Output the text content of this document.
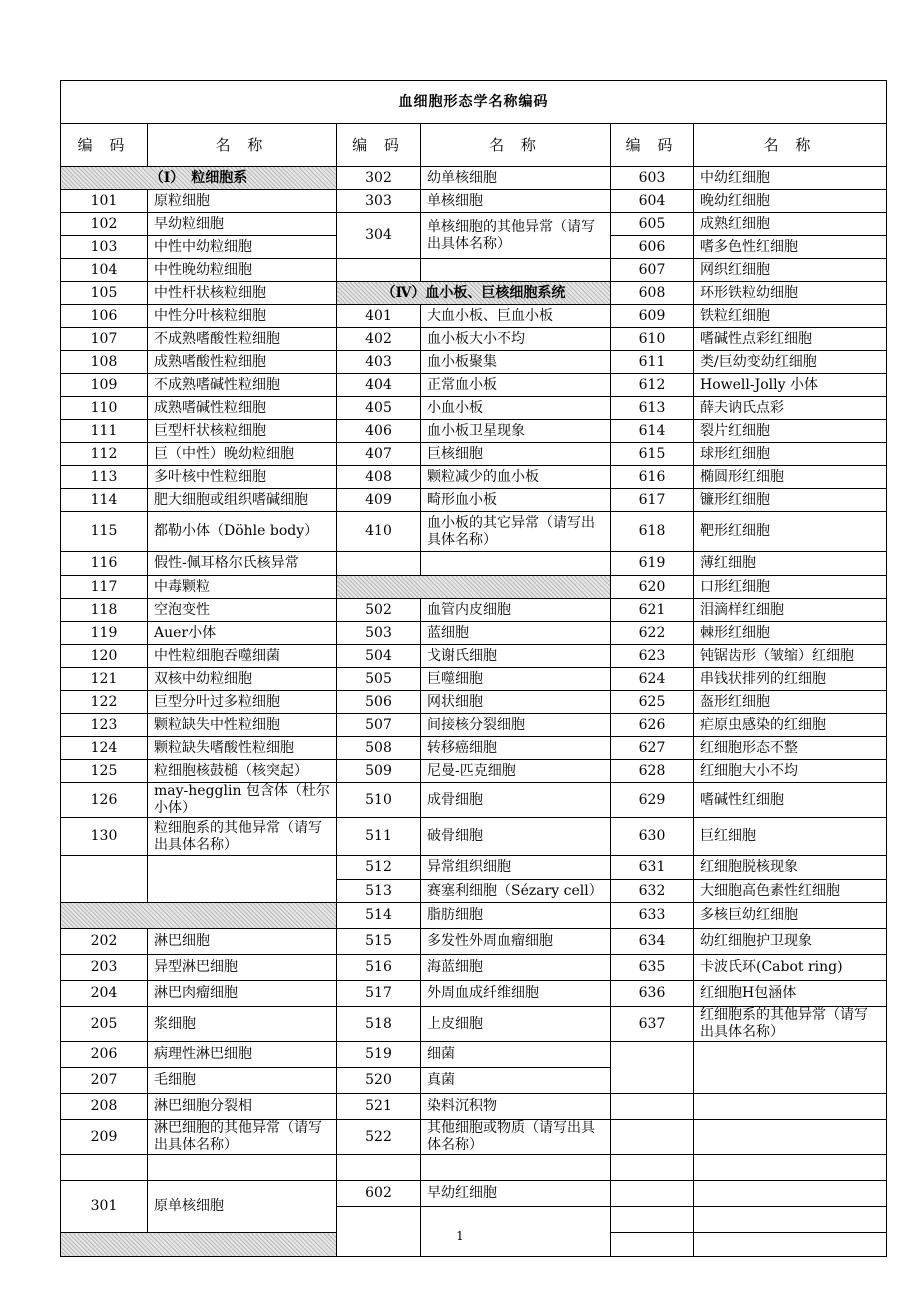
血细胞形态学名称编码					
编 码	名 称	编 码	名 称	编 码	名 称
（Ⅰ）　粒细胞系		302	幼单核细胞	603	中幼红细胞
101	原粒细胞	303	单核细胞	604	晚幼红细胞
102	早幼粒细胞	304	单核细胞的其他异常（请写出具体名称）	605	成熟红细胞
103	中性中幼粒细胞			606	嗜多色性红细胞
104	中性晚幼粒细胞			607	网织红细胞
105	中性杆状核粒细胞	（Ⅳ）血小板、巨核细胞系统		608	环形铁粒幼细胞
106	中性分叶核粒细胞	401	大血小板、巨血小板	609	铁粒红细胞
107	不成熟嗜酸性粒细胞	402	血小板大小不均	610	嗜碱性点彩红细胞
108	成熟嗜酸性粒细胞	403	血小板聚集	611	类/巨幼变幼红细胞
109	不成熟嗜碱性粒细胞	404	正常血小板	612	Howell-Jolly 小体
110	成熟嗜碱性粒细胞	405	小血小板	613	薛夫讷氏点彩
111	巨型杆状核粒细胞	406	血小板卫星现象	614	裂片红细胞
112	巨（中性）晚幼粒细胞	407	巨核细胞	615	球形红细胞
113	多叶核中性粒细胞	408	颗粒减少的血小板	616	椭圆形红细胞
114	肥大细胞或组织嗜碱细胞	409	畸形血小板	617	镰形红细胞
115	都勒小体（Döhle body）	410	血小板的其它异常（请写出具体名称）	618	靶形红细胞
116	假性-佩耳格尔氏核异常			619	薄红细胞
117	中毒颗粒			620	口形红细胞
118	空泡变性	502	血管内皮细胞	621	泪滴样红细胞
119	Auer小体	503	蓝细胞	622	棘形红细胞
120	中性粒细胞吞噬细菌	504	戈谢氏细胞	623	钝锯齿形（皱缩）红细胞
121	双核中幼粒细胞	505	巨噬细胞	624	串钱状排列的红细胞
122	巨型分叶过多粒细胞	506	网状细胞	625	盔形红细胞
123	颗粒缺失中性粒细胞	507	间接核分裂细胞	626	疟原虫感染的红细胞
124	颗粒缺失嗜酸性粒细胞	508	转移癌细胞	627	红细胞形态不整
125	粒细胞核鼓槌（核突起）	509	尼曼-匹克细胞	628	红细胞大小不均
126	may-hegglin 包含体（杜尔小体）	510	成骨细胞	629	嗜碱性红细胞
130	粒细胞系的其他异常（请写出具体名称）	511	破骨细胞	630	巨红细胞
		512	异常组织细胞	631	红细胞脱核现象
		513	赛塞利细胞（Sézary cell）	632	大细胞高色素性红细胞
		514	脂肪细胞	633	多核巨幼红细胞
202	淋巴细胞	515	多发性外周血瘤细胞	634	幼红细胞护卫现象
203	异型淋巴细胞	516	海蓝细胞	635	卡波氏环(Cabot ring)
204	淋巴肉瘤细胞	517	外周血成纤维细胞	636	红细胞H包涵体
205	浆细胞	518	上皮细胞	637	红细胞系的其他异常（请写出具体名称）
206	病理性淋巴细胞	519	细菌		
207	毛细胞	520	真菌		
208	淋巴细胞分裂相	521	染料沉积物		
209	淋巴细胞的其他异常（请写出具体名称）	522	其他细胞或物质（请写出具体名称）		

301	原单核细胞	602	早幼红细胞		

1
